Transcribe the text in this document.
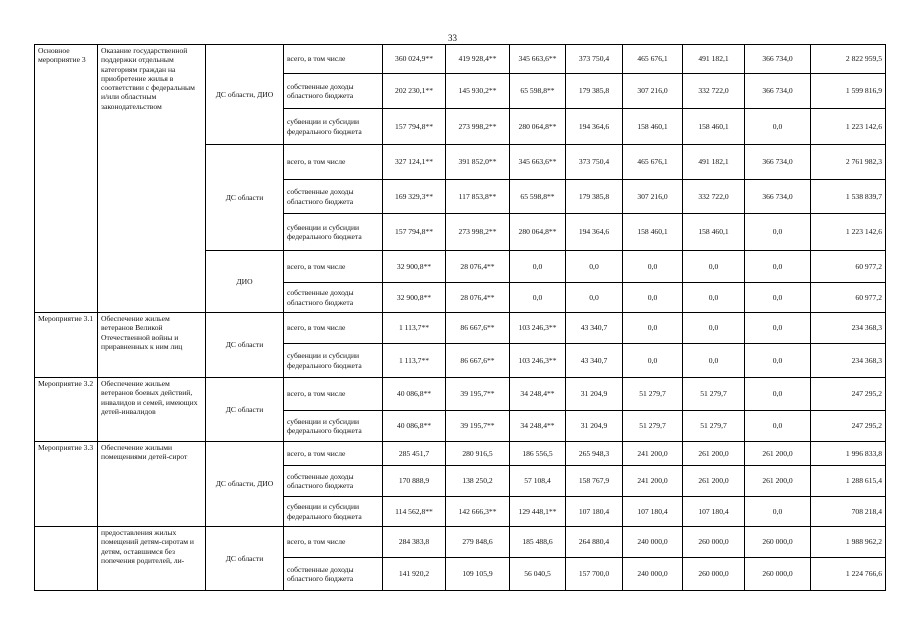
33
Основное мероприятие 3	Оказание государственной поддержки отдельным категориям граждан на приобретение жилья в соответствии с федеральным и/или областным законодательством	ДС области, ДИО	всего, в том числе	360 024,9**	419 928,4**	345 663,6**	373 750,4	465 676,1	491 182,1	366 734,0	2 822 959,5
			собственные доходы областного бюджета	202 230,1**	145 930,2**	65 598,8**	179 385,8	307 216,0	332 722,0	366 734,0	1 599 816,9
			субвенции и субсидии федерального бюджета	157 794,8**	273 998,2**	280 064,8**	194 364,6	158 460,1	158 460,1	0,0	1 223 142,6
		ДС области	всего, в том числе	327 124,1**	391 852,0**	345 663,6**	373 750,4	465 676,1	491 182,1	366 734,0	2 761 982,3
			собственные доходы областного бюджета	169 329,3**	117 853,8**	65 598,8**	179 385,8	307 216,0	332 722,0	366 734,0	1 538 839,7
			субвенции и субсидии федерального бюджета	157 794,8**	273 998,2**	280 064,8**	194 364,6	158 460,1	158 460,1	0,0	1 223 142,6
		ДИО	всего, в том числе	32 900,8**	28 076,4**	0,0	0,0	0,0	0,0	0,0	60 977,2
			собственные доходы областного бюджета	32 900,8**	28 076,4**	0,0	0,0	0,0	0,0	0,0	60 977,2
Мероприятие 3.1	Обеспечение жильем ветеранов Великой Отечественной войны и приравненных к ним лиц	ДС области	всего, в том числе	1 113,7**	86 667,6**	103 246,3**	43 340,7	0,0	0,0	0,0	234 368,3
			субвенции и субсидии федерального бюджета	1 113,7**	86 667,6**	103 246,3**	43 340,7	0,0	0,0	0,0	234 368,3
Мероприятие 3.2	Обеспечение жильем ветеранов боевых действий, инвалидов и семей, имеющих детей-инвалидов	ДС области	всего, в том числе	40 086,8**	39 195,7**	34 248,4**	31 204,9	51 279,7	51 279,7	0,0	247 295,2
			субвенции и субсидии федерального бюджета	40 086,8**	39 195,7**	34 248,4**	31 204,9	51 279,7	51 279,7	0,0	247 295,2
Мероприятие 3.3	Обеспечение жилыми помещениями детей-сирот	ДС области, ДИО	всего, в том числе	285 451,7	280 916,5	186 556,5	265 948,3	241 200,0	261 200,0	261 200,0	1 996 833,8
			собственные доходы областного бюджета	170 888,9	138 250,2	57 108,4	158 767,9	241 200,0	261 200,0	261 200,0	1 288 615,4
			субвенции и субсидии федерального бюджета	114 562,8**	142 666,3**	129 448,1**	107 180,4	107 180,4	107 180,4	0,0	708 218,4
	предоставления жилых помещений детям-сиротам и детям, оставшимся без попечения родителей, ли-	ДС области	всего, в том числе	284 383,8	279 848,6	185 488,6	264 880,4	240 000,0	260 000,0	260 000,0	1 988 962,2
			собственные доходы областного бюджета	141 920,2	109 105,9	56 040,5	157 700,0	240 000,0	260 000,0	260 000,0	1 224 766,6
